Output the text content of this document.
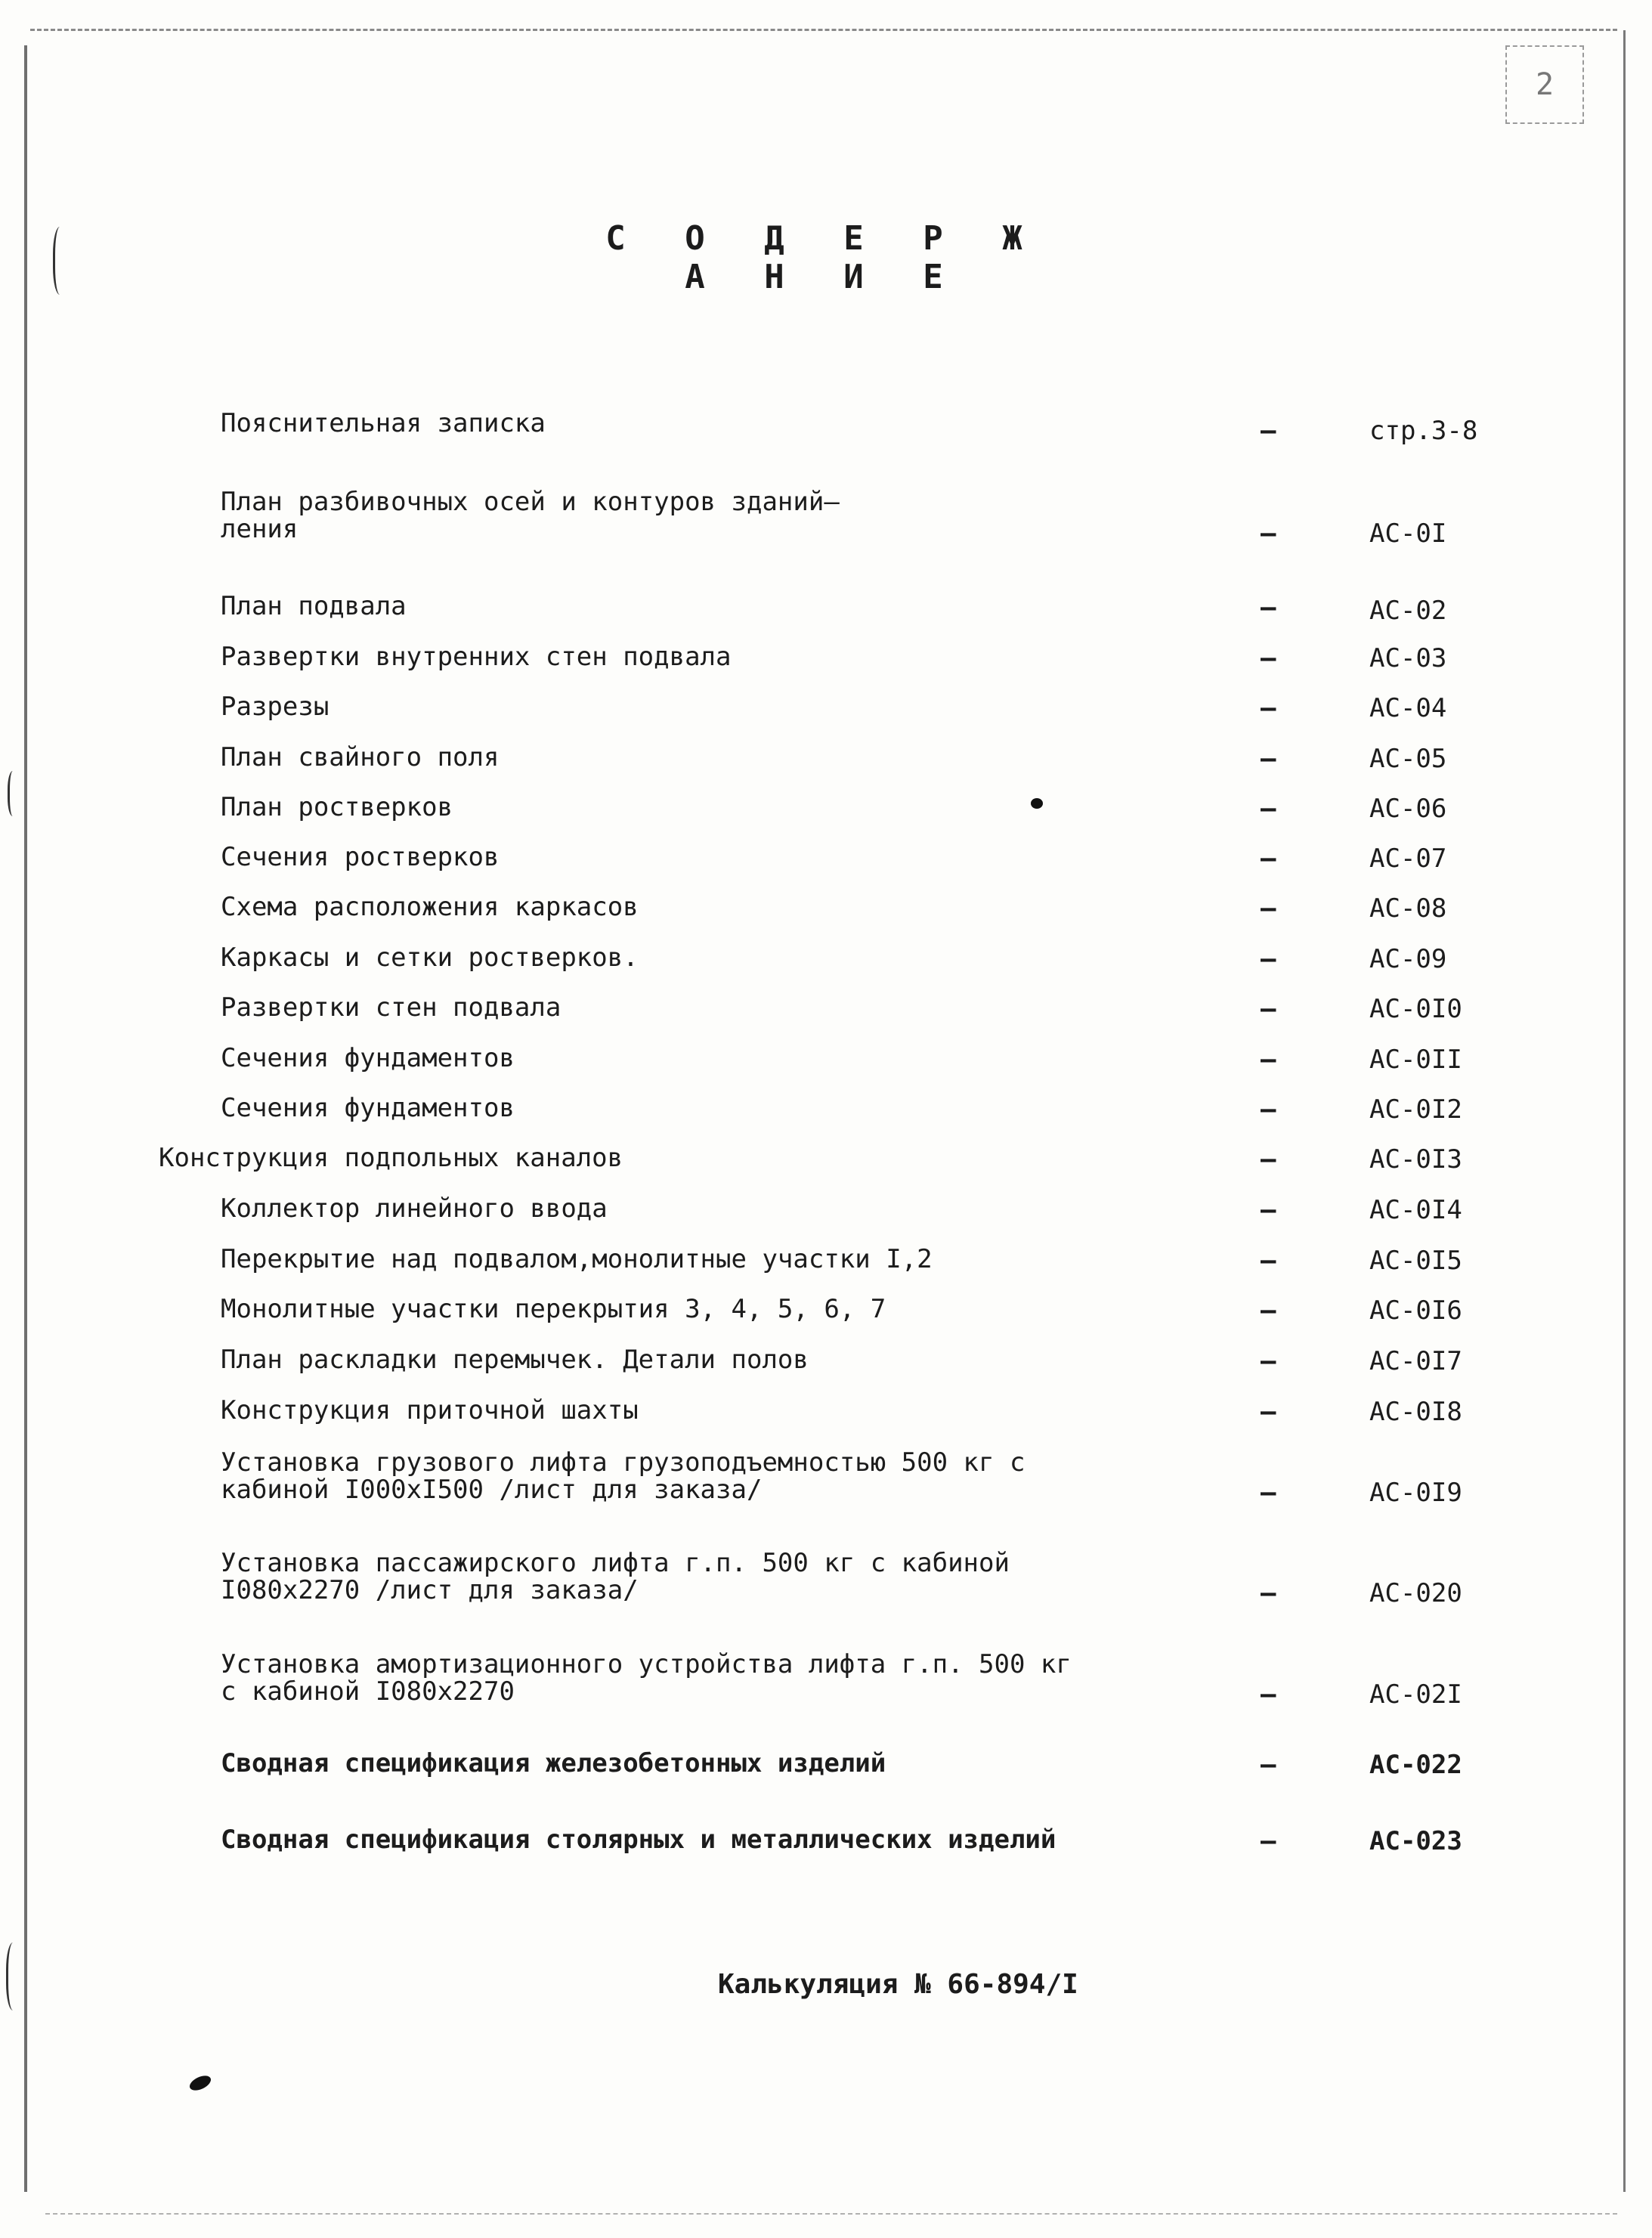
2
С О Д Е Р Ж А Н И Е
Пояснительная записка	–	стр.3-8
План разбивочных осей и контуров зданий–
ления	–	АС-0I
План подвала	–	АС-02
Развертки внутренних стен подвала	–	АС-03
Разрезы	–	АС-04
План свайного поля	–	АС-05
План ростверков	–	АС-06
Сечения ростверков	–	АС-07
Схема расположения каркасов	–	АС-08
Каркасы и сетки ростверков.	–	АС-09
Развертки стен подвала	–	АС-0I0
Сечения фундаментов	–	АС-0II
Сечения фундаментов	–	АС-0I2
Конструкция подпольных каналов	–	АС-0I3
Коллектор линейного ввода	–	АС-0I4
Перекрытие над подвалом,монолитные участки I,2	–	АС-0I5
Монолитные участки перекрытия 3, 4, 5, 6, 7	–	АС-0I6
План раскладки перемычек. Детали полов	–	АС-0I7
Конструкция приточной шахты	–	АС-0I8
Установка грузового лифта грузоподъемностью 500 кг с
кабиной I000хI500 /лист для заказа/	–	АС-0I9
Установка пассажирского лифта г.п. 500 кг с кабиной
I080х2270 /лист для заказа/	–	АС-020
Установка амортизационного устройства лифта г.п. 500 кг
с кабиной I080х2270	–	АС-02I
Сводная спецификация железобетонных изделий	–	АС-022
Сводная спецификация столярных и металлических изделий	–	АС-023
Калькуляция № 66-894/I
